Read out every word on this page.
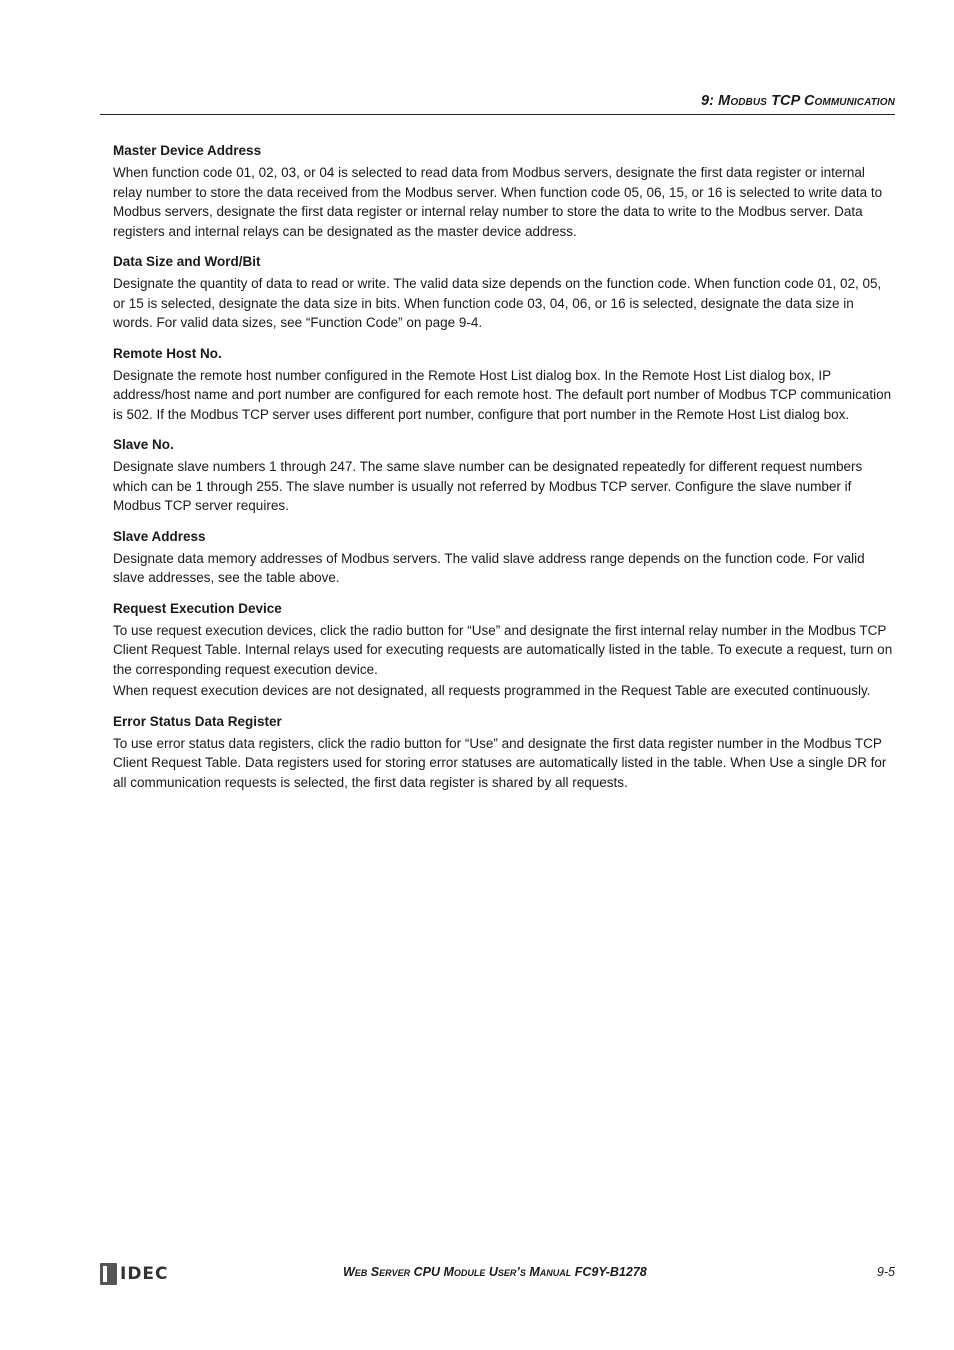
9: Modbus TCP Communication
Master Device Address

When function code 01, 02, 03, or 04 is selected to read data from Modbus servers, designate the first data register or internal relay number to store the data received from the Modbus server. When function code 05, 06, 15, or 16 is selected to write data to Modbus servers, designate the first data register or internal relay number to store the data to write to the Modbus server. Data registers and internal relays can be designated as the master device address.

Data Size and Word/Bit

Designate the quantity of data to read or write. The valid data size depends on the function code. When function code 01, 02, 05, or 15 is selected, designate the data size in bits. When function code 03, 04, 06, or 16 is selected, designate the data size in words. For valid data sizes, see “Function Code” on page 9-4.

Remote Host No.

Designate the remote host number configured in the Remote Host List dialog box. In the Remote Host List dialog box, IP address/host name and port number are configured for each remote host. The default port number of Modbus TCP communication is 502. If the Modbus TCP server uses different port number, configure that port number in the Remote Host List dialog box.

Slave No.

Designate slave numbers 1 through 247. The same slave number can be designated repeatedly for different request numbers which can be 1 through 255. The slave number is usually not referred by Modbus TCP server. Configure the slave number if Modbus TCP server requires.

Slave Address

Designate data memory addresses of Modbus servers. The valid slave address range depends on the function code. For valid slave addresses, see the table above.

Request Execution Device

To use request execution devices, click the radio button for “Use” and designate the first internal relay number in the Modbus TCP Client Request Table. Internal relays used for executing requests are automatically listed in the table. To execute a request, turn on the corresponding request execution device.

When request execution devices are not designated, all requests programmed in the Request Table are executed continuously.

Error Status Data Register

To use error status data registers, click the radio button for “Use” and designate the first data register number in the Modbus TCP Client Request Table. Data registers used for storing error statuses are automatically listed in the table. When Use a single DR for all communication requests is selected, the first data register is shared by all requests.

IDEC	Web Server CPU Module User’s Manual FC9Y-B1278	9-5
